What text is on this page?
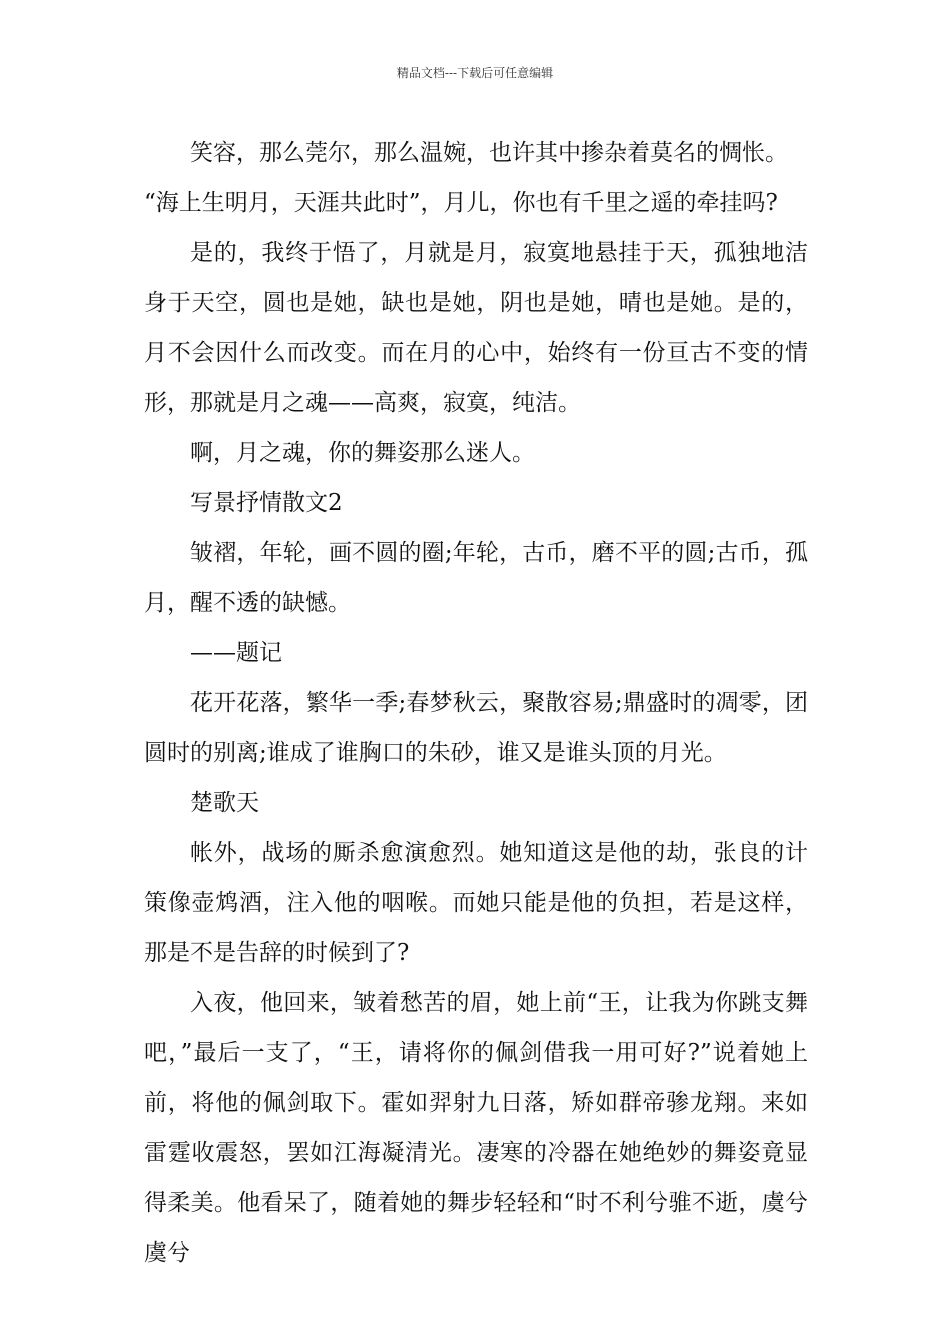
精品文档---下载后可任意编辑

笑容，那么莞尔，那么温婉，也许其中掺杂着莫名的惆怅。

“海上生明月，天涯共此时”，月儿，你也有千里之遥的牵挂吗?

是的，我终于悟了，月就是月，寂寞地悬挂于天，孤独地洁身于天空，圆也是她，缺也是她，阴也是她，晴也是她。是的，月不会因什么而改变。而在月的心中，始终有一份亘古不变的情形，那就是月之魂——高爽，寂寞，纯洁。

啊，月之魂，你的舞姿那么迷人。

写景抒情散文2

皱褶，年轮，画不圆的圈;年轮，古币，磨不平的圆;古币，孤月，醒不透的缺憾。

——题记

花开花落，繁华一季;春梦秋云，聚散容易;鼎盛时的凋零，团圆时的别离;谁成了谁胸口的朱砂，谁又是谁头顶的月光。

楚歌天

帐外，战场的厮杀愈演愈烈。她知道这是他的劫，张良的计策像壶鸩酒，注入他的咽喉。而她只能是他的负担，若是这样，那是不是告辞的时候到了?

入夜，他回来，皱着愁苦的眉，她上前“王，让我为你跳支舞吧，”最后一支了，“王，请将你的佩剑借我一用可好?”说着她上前，将他的佩剑取下。霍如羿射九日落，矫如群帝骖龙翔。来如雷霆收震怒，罢如江海凝清光。凄寒的冷器在她绝妙的舞姿竟显得柔美。他看呆了，随着她的舞步轻轻和“时不利兮骓不逝，虞兮虞兮
